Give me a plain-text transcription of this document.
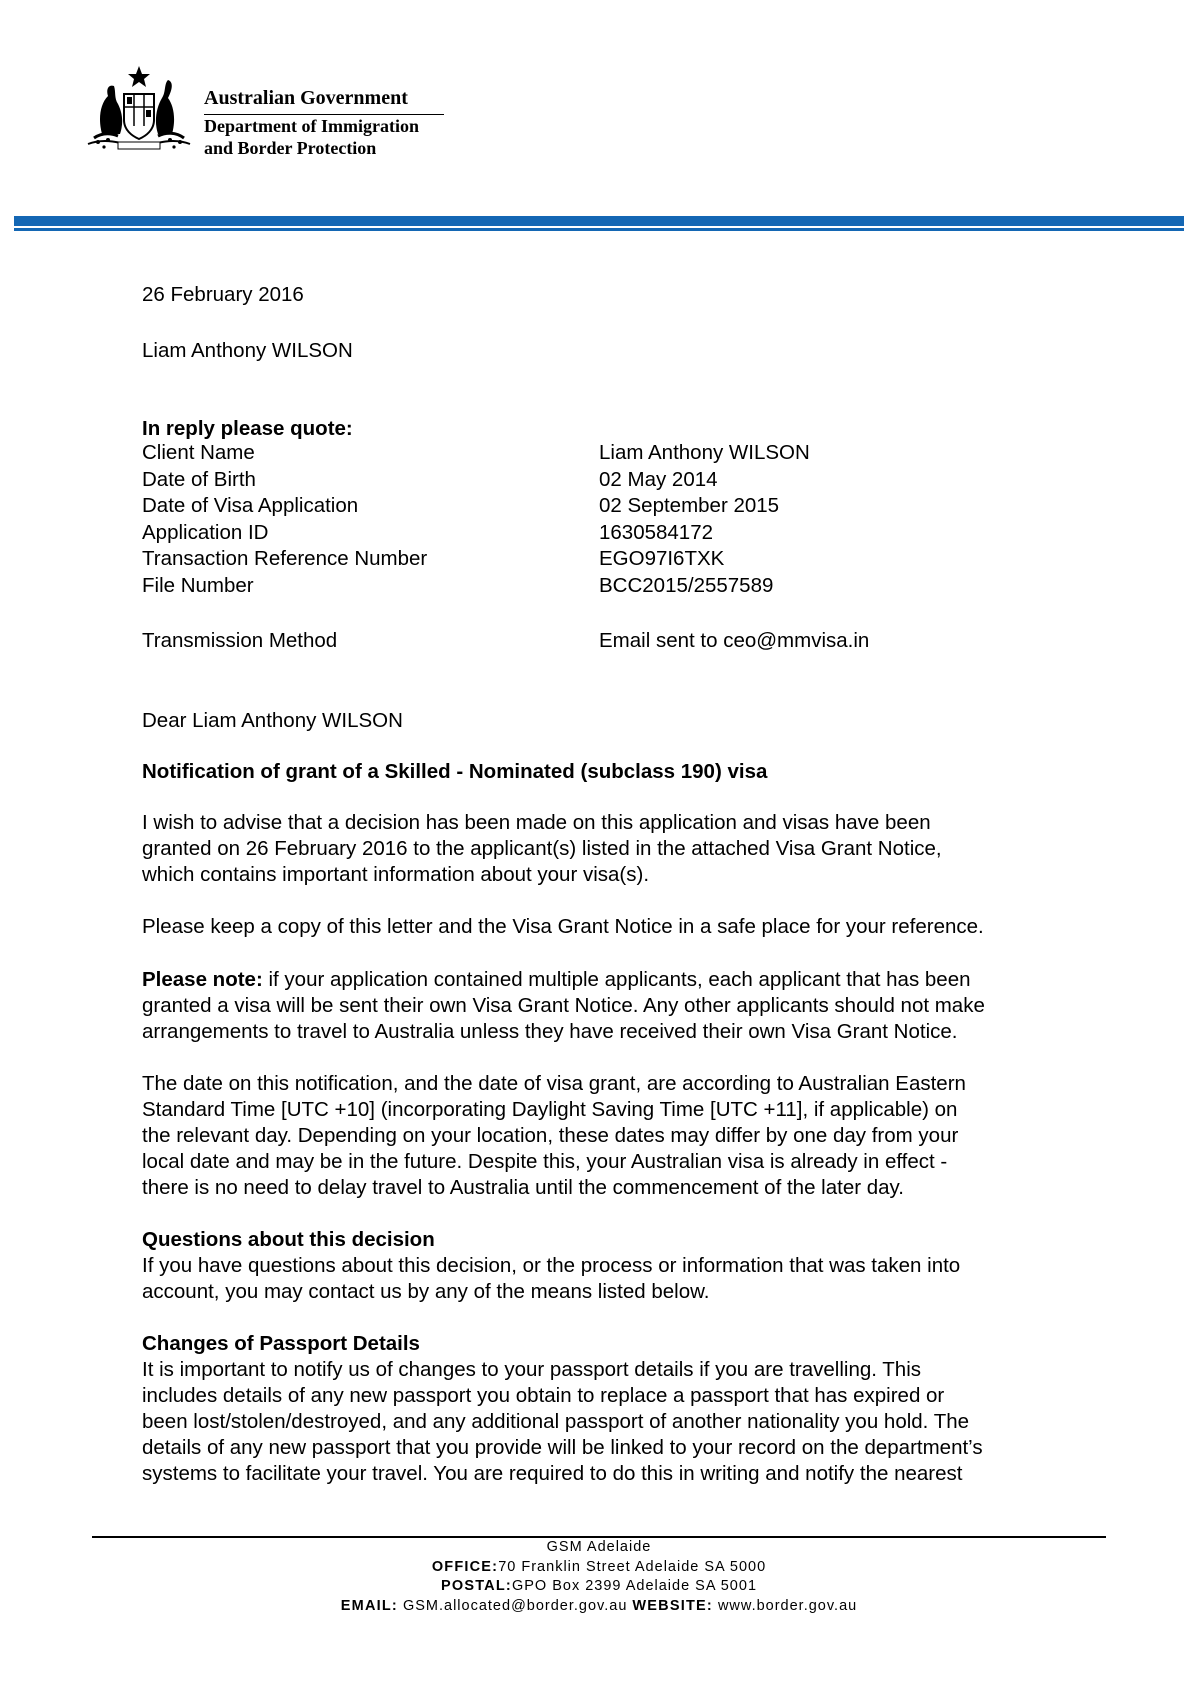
Australian Government
Department of Immigration
and Border Protection
26 February 2016
Liam Anthony WILSON
In reply please quote:
Client Name	Liam Anthony WILSON
Date of Birth	02 May 2014
Date of Visa Application	02 September 2015
Application ID	1630584172
Transaction Reference Number	EGO97I6TXK
File Number	BCC2015/2557589
Transmission Method	Email sent to ceo@mmvisa.in
Dear Liam Anthony WILSON
Notification of grant of a Skilled - Nominated (subclass 190) visa
I wish to advise that a decision has been made on this application and visas have been
granted on 26 February 2016 to the applicant(s) listed in the attached Visa Grant Notice,
which contains important information about your visa(s).
Please keep a copy of this letter and the Visa Grant Notice in a safe place for your reference.
Please note: if your application contained multiple applicants, each applicant that has been
granted a visa will be sent their own Visa Grant Notice. Any other applicants should not make
arrangements to travel to Australia unless they have received their own Visa Grant Notice.
The date on this notification, and the date of visa grant, are according to Australian Eastern
Standard Time [UTC +10] (incorporating Daylight Saving Time [UTC +11], if applicable) on
the relevant day. Depending on your location, these dates may differ by one day from your
local date and may be in the future. Despite this, your Australian visa is already in effect -
there is no need to delay travel to Australia until the commencement of the later day.
Questions about this decision
If you have questions about this decision, or the process or information that was taken into
account, you may contact us by any of the means listed below.
Changes of Passport Details
It is important to notify us of changes to your passport details if you are travelling. This
includes details of any new passport you obtain to replace a passport that has expired or
been lost/stolen/destroyed, and any additional passport of another nationality you hold. The
details of any new passport that you provide will be linked to your record on the department’s
systems to facilitate your travel. You are required to do this in writing and notify the nearest
GSM Adelaide
OFFICE:70 Franklin Street Adelaide SA 5000
POSTAL:GPO Box 2399 Adelaide SA 5001
EMAIL: GSM.allocated@border.gov.au WEBSITE: www.border.gov.au
